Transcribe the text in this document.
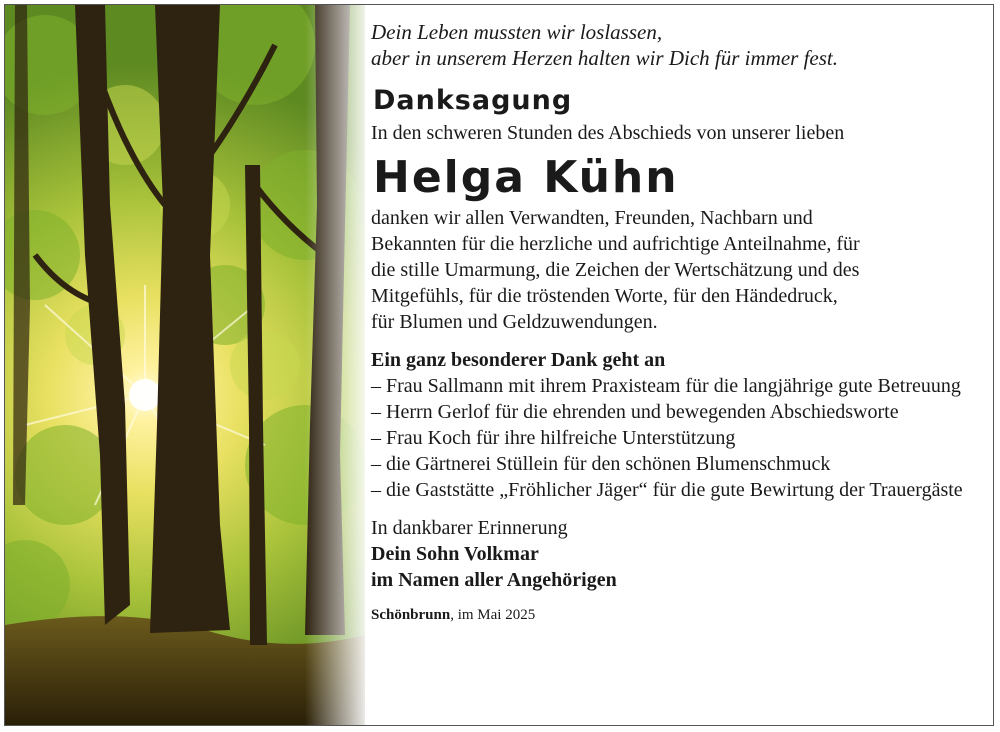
Dein Leben mussten wir loslassen,
aber in unserem Herzen halten wir Dich für immer fest.

Danksagung

In den schweren Stunden des Abschieds von unserer lieben

Helga Kühn

danken wir allen Verwandten, Freunden, Nachbarn und
Bekannten für die herzliche und aufrichtige Anteilnahme, für
die stille Umarmung, die Zeichen der Wertschätzung und des
Mitgefühls, für die tröstenden Worte, für den Händedruck,
für Blumen und Geldzuwendungen.

Ein ganz besonderer Dank geht an

– Frau Sallmann mit ihrem Praxisteam für die langjährige gute Betreuung
– Herrn Gerlof für die ehrenden und bewegenden Abschiedsworte
– Frau Koch für ihre hilfreiche Unterstützung
– die Gärtnerei Stüllein für den schönen Blumenschmuck
– die Gaststätte „Fröhlicher Jäger“ für die gute Bewirtung der Trauergäste

In dankbarer Erinnerung

Dein Sohn Volkmar

im Namen aller Angehörigen

Schönbrunn, im Mai 2025
